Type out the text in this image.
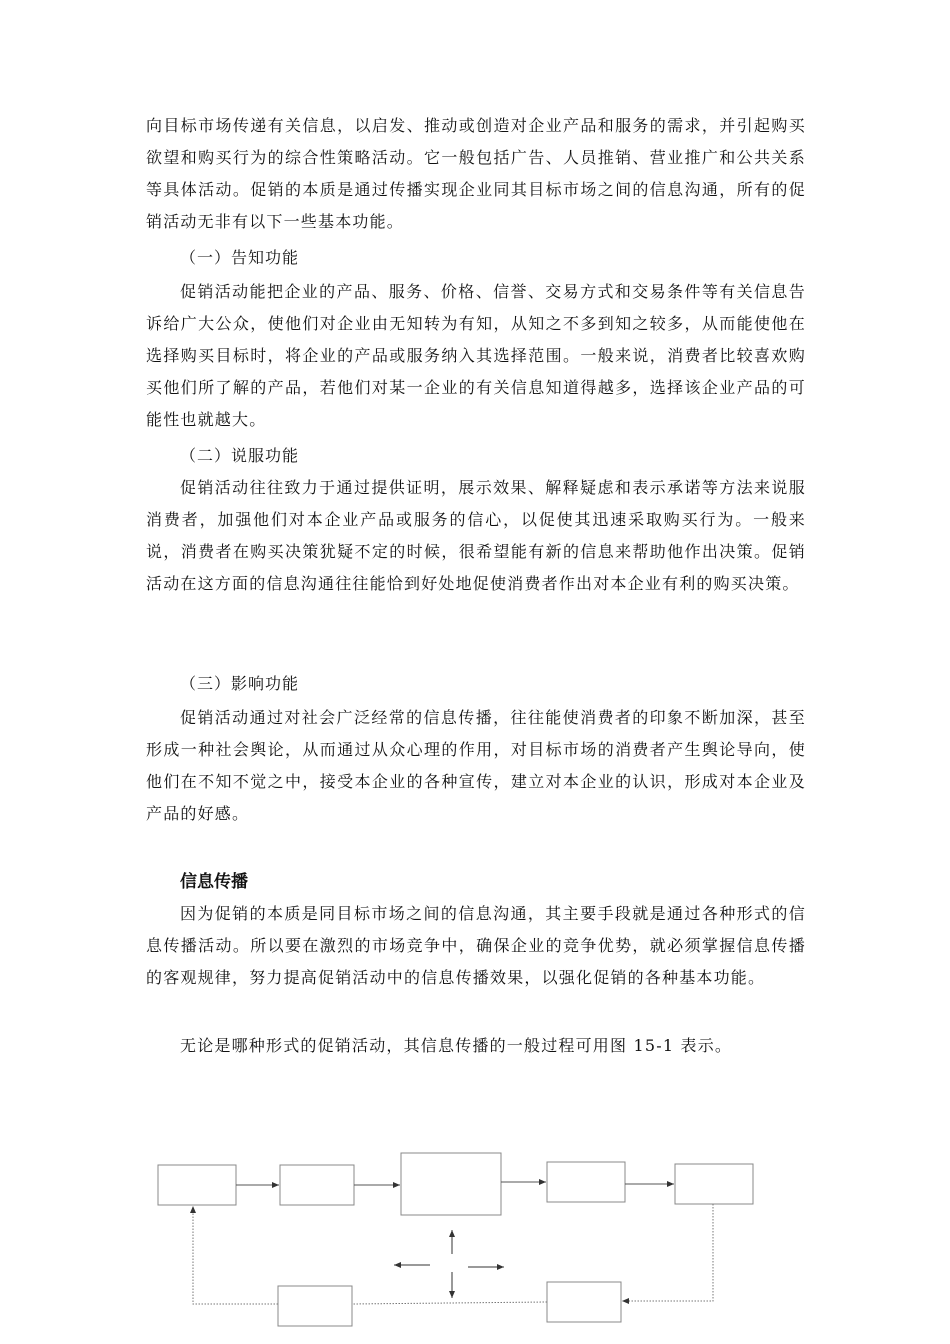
向目标市场传递有关信息，以启发、推动或创造对企业产品和服务的需求，并引起购买欲望和购买行为的综合性策略活动。它一般包括广告、人员推销、营业推广和公共关系等具体活动。促销的本质是通过传播实现企业同其目标市场之间的信息沟通，所有的促销活动无非有以下一些基本功能。

（一）告知功能

促销活动能把企业的产品、服务、价格、信誉、交易方式和交易条件等有关信息告诉给广大公众，使他们对企业由无知转为有知，从知之不多到知之较多，从而能使他在选择购买目标时，将企业的产品或服务纳入其选择范围。一般来说，消费者比较喜欢购买他们所了解的产品，若他们对某一企业的有关信息知道得越多，选择该企业产品的可能性也就越大。

（二）说服功能

促销活动往往致力于通过提供证明，展示效果、解释疑虑和表示承诺等方法来说服消费者，加强他们对本企业产品或服务的信心，以促使其迅速采取购买行为。一般来说，消费者在购买决策犹疑不定的时候，很希望能有新的信息来帮助他作出决策。促销活动在这方面的信息沟通往往能恰到好处地促使消费者作出对本企业有利的购买决策。

（三）影响功能

促销活动通过对社会广泛经常的信息传播，往往能使消费者的印象不断加深，甚至形成一种社会舆论，从而通过从众心理的作用，对目标市场的消费者产生舆论导向，使他们在不知不觉之中，接受本企业的各种宣传，建立对本企业的认识，形成对本企业及产品的好感。

信息传播

因为促销的本质是同目标市场之间的信息沟通，其主要手段就是通过各种形式的信息传播活动。所以要在激烈的市场竞争中，确保企业的竞争优势，就必须掌握信息传播的客观规律，努力提高促销活动中的信息传播效果，以强化促销的各种基本功能。

无论是哪种形式的促销活动，其信息传播的一般过程可用图 15-1 表示。
